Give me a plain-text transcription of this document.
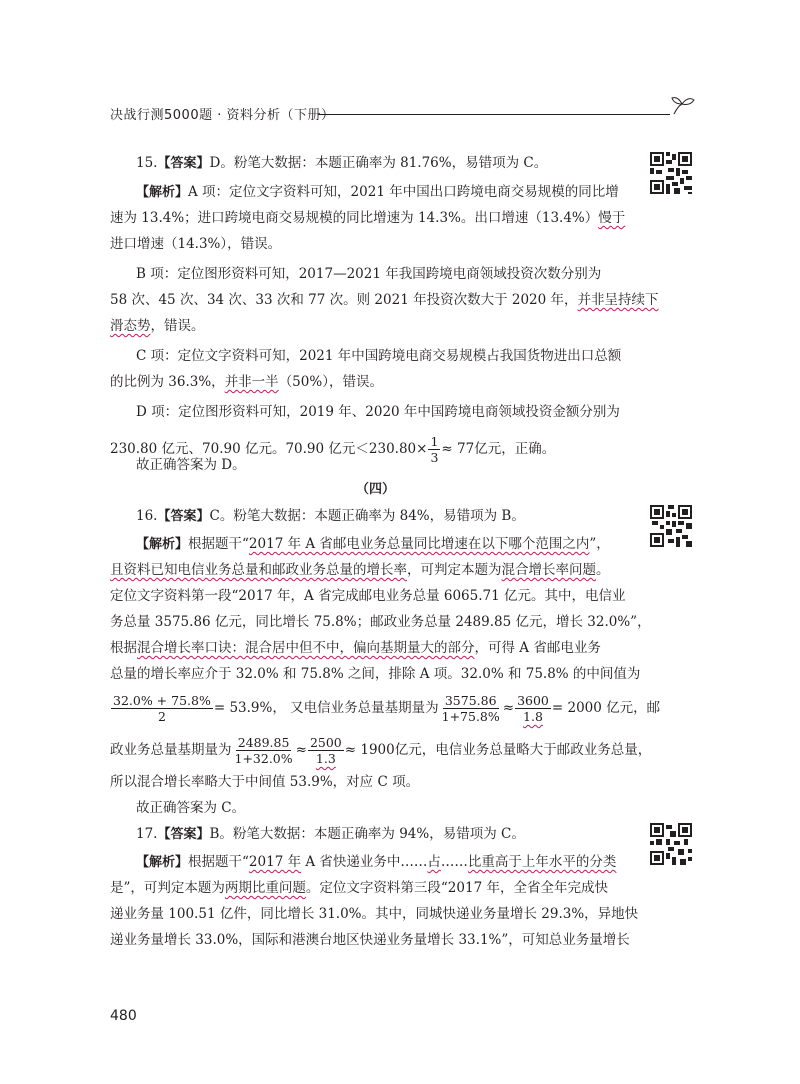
决战行测5000题 · 资料分析（下册）
15.【答案】D。粉笔大数据：本题正确率为 81.76%，易错项为 C。
【解析】A 项：定位文字资料可知，2021 年中国出口跨境电商交易规模的同比增
速为 13.4%；进口跨境电商交易规模的同比增速为 14.3%。出口增速（13.4%）慢于
进口增速（14.3%），错误。
B 项：定位图形资料可知，2017—2021 年我国跨境电商领域投资次数分别为
58 次、45 次、34 次、33 次和 77 次。则 2021 年投资次数大于 2020 年，并非呈持续下
滑态势，错误。
C 项：定位文字资料可知，2021 年中国跨境电商交易规模占我国货物进出口总额
的比例为 36.3%，并非一半（50%），错误。
D 项：定位图形资料可知，2019 年、2020 年中国跨境电商领域投资金额分别为
230.80 亿元、70.90 亿元。70.90 亿元$<230.80\times \frac{1}{3} \approx 77$亿元，正确。
故正确答案为 D。
（四）
16.【答案】C。粉笔大数据：本题正确率为 84%，易错项为 B。
【解析】根据题干“2017 年 A 省邮电业务总量同比增速在以下哪个范围之内”，
且资料已知电信业务总量和邮政业务总量的增长率，可判定本题为混合增长率问题。
定位文字资料第一段“2017 年，A 省完成邮电业务总量 6065.71 亿元。其中，电信业
务总量 3575.86 亿元，同比增长 75.8%；邮政业务总量 2489.85 亿元，增长 32.0%”，
根据混合增长率口诀：混合居中但不中，偏向基期量大的部分，可得 A 省邮电业务
总量的增长率应介于 32.0% 和 75.8% 之间，排除 A 项。32.0% 和 75.8% 的中间值为
$\frac{32.0\% + 75.8\%}{2} = 53.9\%$， 又电信业务总量基期量为 $\frac{3575.86}{1+75.8\%} \approx \frac{3600}{1.8} = 2000$ 亿元，邮
政业务总量基期量为 $\frac{2489.85}{1+32.0\%} \approx \frac{2500}{1.3} \approx 1900$亿元，电信业务总量略大于邮政业务总量，
所以混合增长率略大于中间值 53.9%，对应 C 项。
故正确答案为 C。
17.【答案】B。粉笔大数据：本题正确率为 94%，易错项为 C。
【解析】根据题干“2017 年 A 省快递业务中……占……比重高于上年水平的分类
是”，可判定本题为两期比重问题。定位文字资料第三段“2017 年，全省全年完成快
递业务量 100.51 亿件，同比增长 31.0%。其中，同城快递业务量增长 29.3%，异地快
递业务量增长 33.0%，国际和港澳台地区快递业务量增长 33.1%”，可知总业务量增长
480
